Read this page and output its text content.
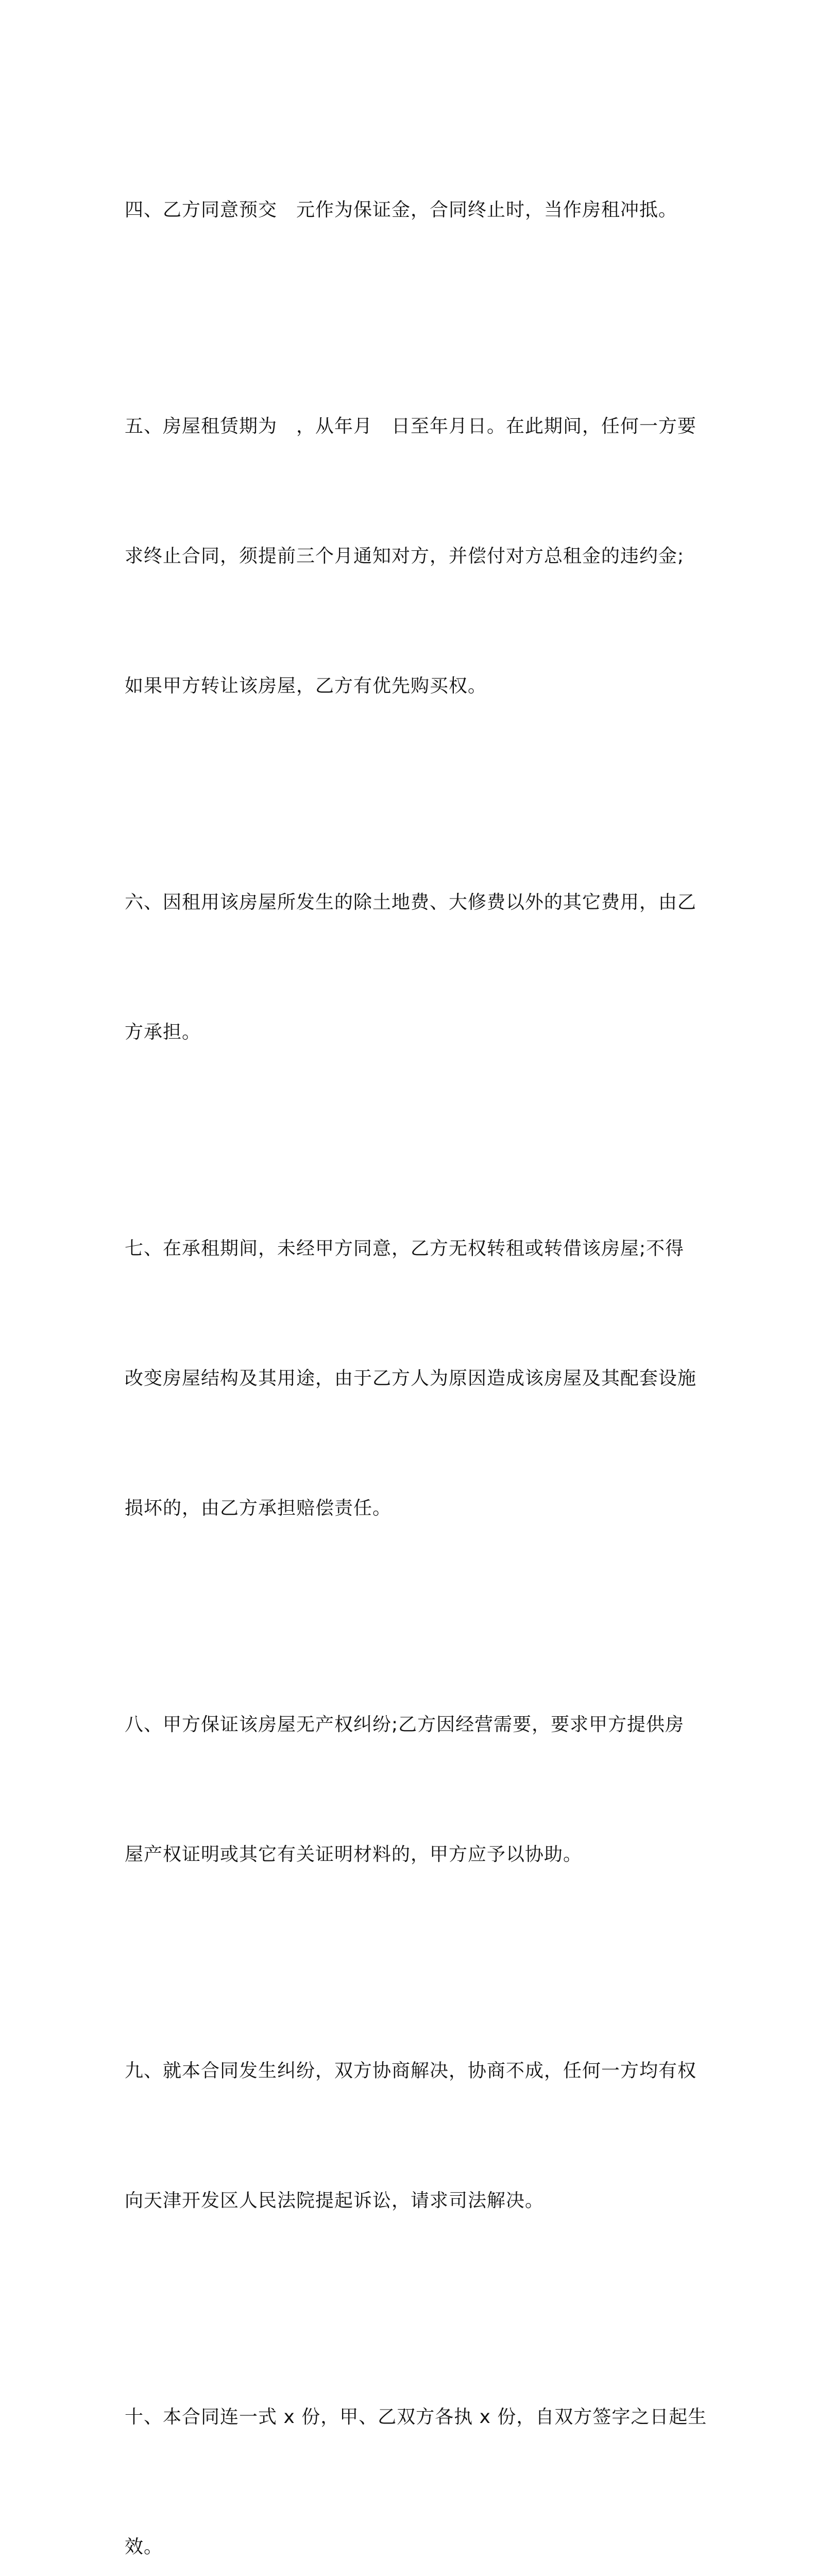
四、乙方同意预交　元作为保证金，合同终止时，当作房租冲抵。

五、房屋租赁期为　，从年月　日至年月日。在此期间，任何一方要

求终止合同，须提前三个月通知对方，并偿付对方总租金的违约金;

如果甲方转让该房屋，乙方有优先购买权。

六、因租用该房屋所发生的除土地费、大修费以外的其它费用，由乙

方承担。

七、在承租期间，未经甲方同意，乙方无权转租或转借该房屋;不得

改变房屋结构及其用途，由于乙方人为原因造成该房屋及其配套设施

损坏的，由乙方承担赔偿责任。

八、甲方保证该房屋无产权纠纷;乙方因经营需要，要求甲方提供房

屋产权证明或其它有关证明材料的，甲方应予以协助。

九、就本合同发生纠纷，双方协商解决，协商不成，任何一方均有权

向天津开发区人民法院提起诉讼，请求司法解决。

十、本合同连一式 x 份，甲、乙双方各执 x 份，自双方签字之日起生

效。
